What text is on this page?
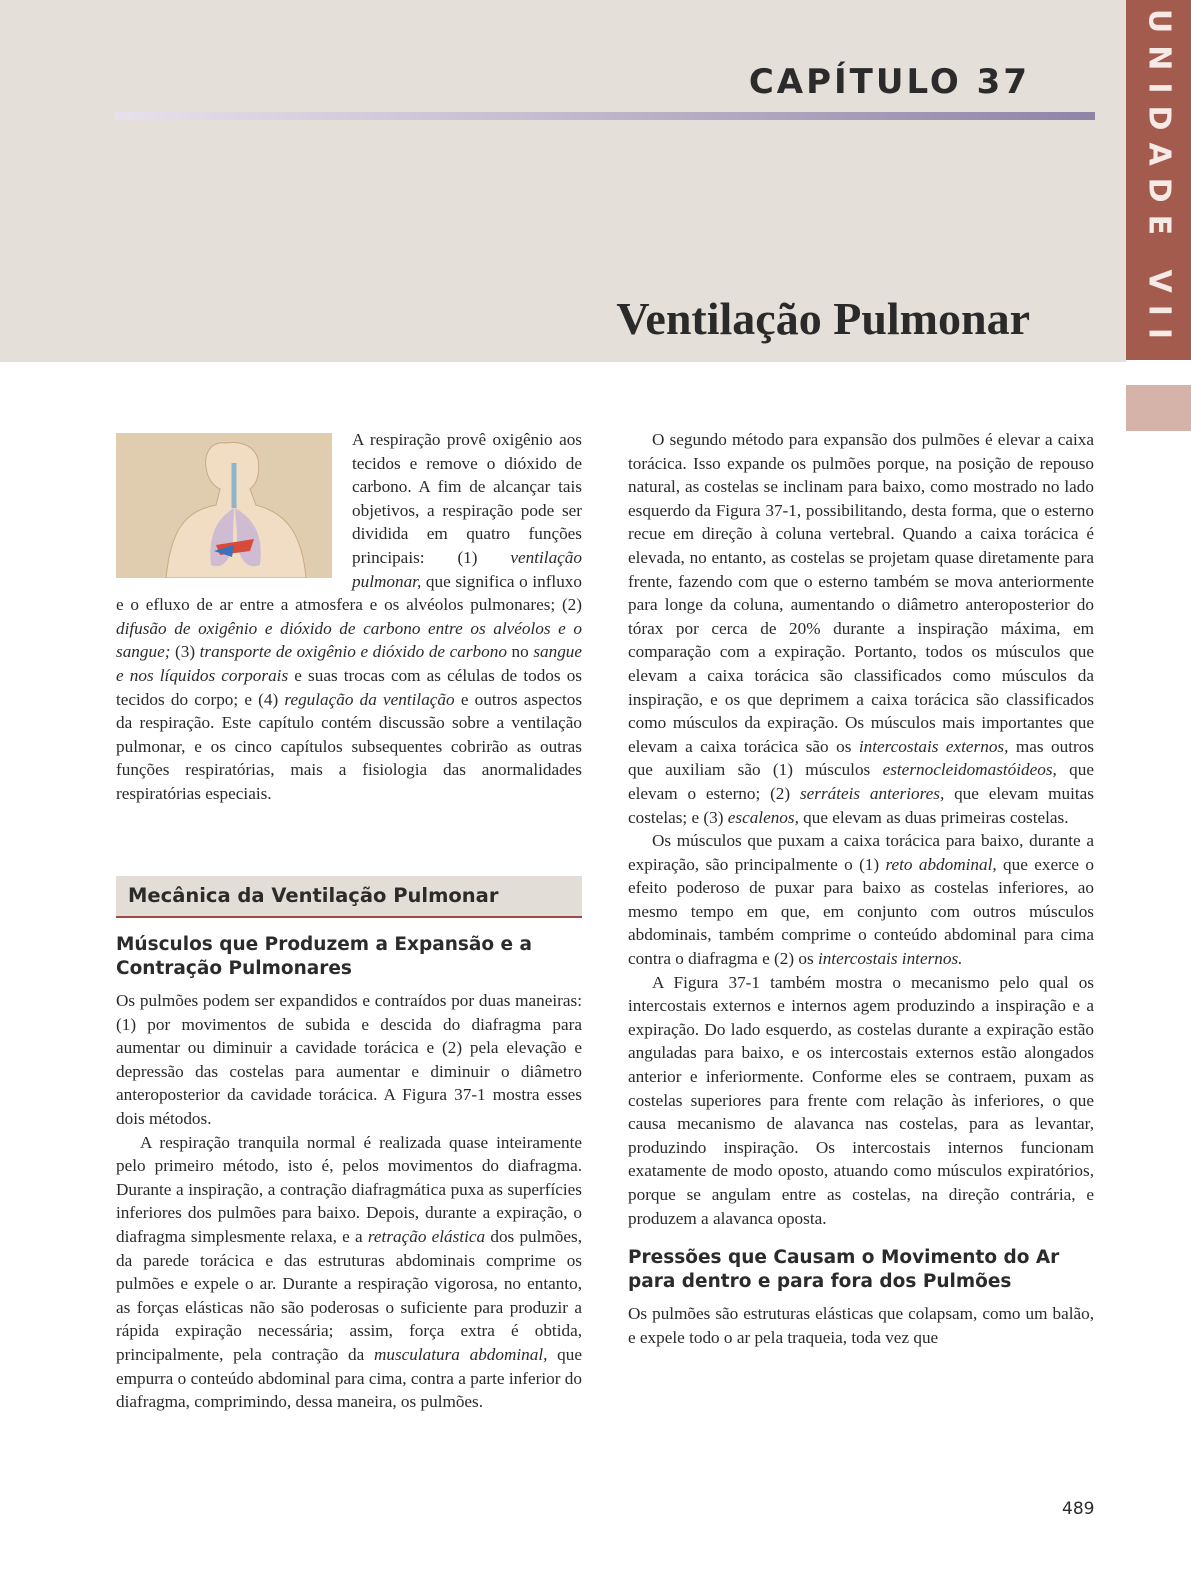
CAPÍTULO 37
Ventilação Pulmonar	UNIDADE VII

A respiração provê oxigênio aos tecidos e remove o dióxido de carbono. A fim de alcançar tais objetivos, a respiração pode ser dividida em quatro funções principais: (1) ventilação pulmonar, que significa o influxo e o efluxo de ar entre a atmosfera e os alvéolos pulmonares; (2) difusão de oxigênio e dióxido de carbono entre os alvéolos e o sangue; (3) transporte de oxigênio e dióxido de carbono no sangue e nos líquidos corporais e suas trocas com as células de todos os tecidos do corpo; e (4) regulação da ventilação e outros aspectos da respiração. Este capítulo contém discussão sobre a ventilação pulmonar, e os cinco capítulos subsequentes cobrirão as outras funções respiratórias, mais a fisiologia das anormalidades respiratórias especiais.

Mecânica da Ventilação Pulmonar
Músculos que Produzem a Expansão e a Contração Pulmonares

Os pulmões podem ser expandidos e contraídos por duas maneiras: (1) por movimentos de subida e descida do diafragma para aumentar ou diminuir a cavidade torácica e (2) pela elevação e depressão das costelas para aumentar e diminuir o diâmetro anteroposterior da cavidade torácica. A Figura 37-1 mostra esses dois métodos.

A respiração tranquila normal é realizada quase inteiramente pelo primeiro método, isto é, pelos movimentos do diafragma. Durante a inspiração, a contração diafragmática puxa as superfícies inferiores dos pulmões para baixo. Depois, durante a expiração, o diafragma simplesmente relaxa, e a retração elástica dos pulmões, da parede torácica e das estruturas abdominais comprime os pulmões e expele o ar. Durante a respiração vigorosa, no entanto, as forças elásticas não são poderosas o suficiente para produzir a rápida expiração necessária; assim, força extra é obtida, principalmente, pela contração da musculatura abdominal, que empurra o conteúdo abdominal para cima, contra a parte inferior do diafragma, comprimindo, dessa maneira, os pulmões.

O segundo método para expansão dos pulmões é elevar a caixa torácica. Isso expande os pulmões porque, na posição de repouso natural, as costelas se inclinam para baixo, como mostrado no lado esquerdo da Figura 37-1, possibilitando, desta forma, que o esterno recue em direção à coluna vertebral. Quando a caixa torácica é elevada, no entanto, as costelas se projetam quase diretamente para frente, fazendo com que o esterno também se mova anteriormente para longe da coluna, aumentando o diâmetro anteroposterior do tórax por cerca de 20% durante a inspiração máxima, em comparação com a expiração. Portanto, todos os músculos que elevam a caixa torácica são classificados como músculos da inspiração, e os que deprimem a caixa torácica são classificados como músculos da expiração. Os músculos mais importantes que elevam a caixa torácica são os intercostais externos, mas outros que auxiliam são (1) músculos esternocleidomastóideos, que elevam o esterno; (2) serráteis anteriores, que elevam muitas costelas; e (3) escalenos, que elevam as duas primeiras costelas.

Os músculos que puxam a caixa torácica para baixo, durante a expiração, são principalmente o (1) reto abdominal, que exerce o efeito poderoso de puxar para baixo as costelas inferiores, ao mesmo tempo em que, em conjunto com outros músculos abdominais, também comprime o conteúdo abdominal para cima contra o diafragma e (2) os intercostais internos.

A Figura 37-1 também mostra o mecanismo pelo qual os intercostais externos e internos agem produzindo a inspiração e a expiração. Do lado esquerdo, as costelas durante a expiração estão anguladas para baixo, e os intercostais externos estão alongados anterior e inferiormente. Conforme eles se contraem, puxam as costelas superiores para frente com relação às inferiores, o que causa mecanismo de alavanca nas costelas, para as levantar, produzindo inspiração. Os intercostais internos funcionam exatamente de modo oposto, atuando como músculos expiratórios, porque se angulam entre as costelas, na direção contrária, e produzem a alavanca oposta.

Pressões que Causam o Movimento do Ar para dentro e para fora dos Pulmões

Os pulmões são estruturas elásticas que colapsam, como um balão, e expele todo o ar pela traqueia, toda vez que

489
